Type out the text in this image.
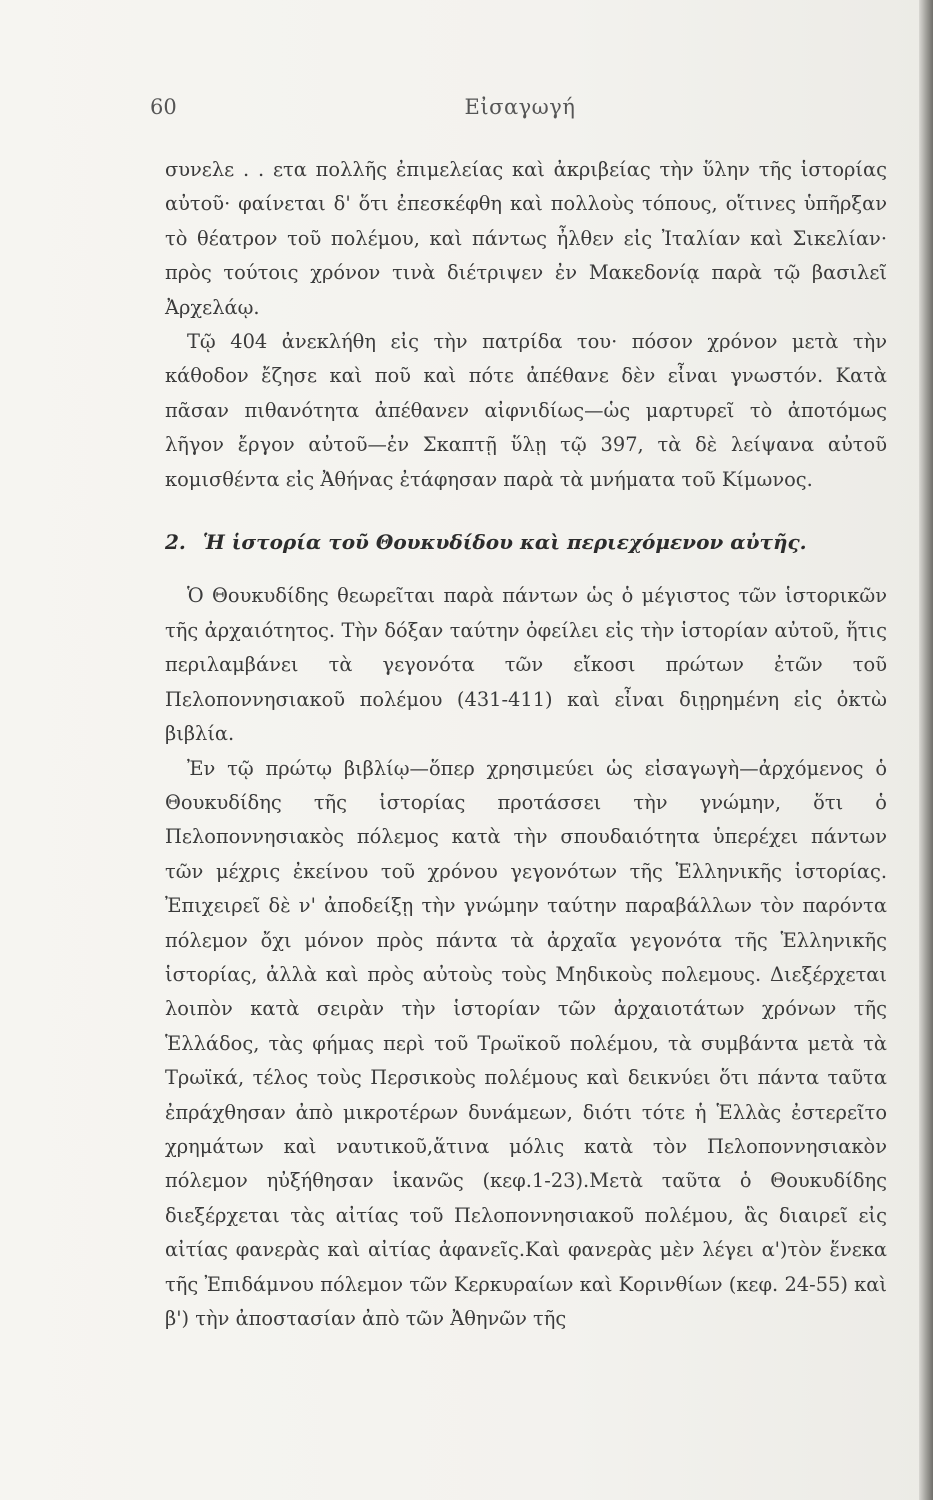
60	Εἰσαγωγή

συνελε . . ετα πολλῆς ἐπιμελείας καὶ ἀκριβείας τὴν ὕλην τῆς ἱστορίας αὐτοῦ· φαίνεται δ' ὅτι ἐπεσκέφθη καὶ πολλοὺς τόπους, οἵτινες ὑπῆρξαν τὸ θέατρον τοῦ πολέμου, καὶ πάντως ἦλθεν εἰς Ἰταλίαν καὶ Σικελίαν· πρὸς τούτοις χρόνον τινὰ διέτριψεν ἐν Μακεδονίᾳ παρὰ τῷ βασιλεῖ Ἀρχελάῳ.

Τῷ 404 ἀνεκλήθη εἰς τὴν πατρίδα του· πόσον χρόνον μετὰ τὴν κάθοδον ἔζησε καὶ ποῦ καὶ πότε ἀπέθανε δὲν εἶναι γνωστόν. Κατὰ πᾶσαν πιθανότητα ἀπέθανεν αἰφνιδίως—ὡς μαρτυρεῖ τὸ ἀποτόμως λῆγον ἔργον αὐτοῦ—ἐν Σκαπτῇ ὕλῃ τῷ 397, τὰ δὲ λείψανα αὐτοῦ κομισθέντα εἰς Ἀθήνας ἐτάφησαν παρὰ τὰ μνήματα τοῦ Κίμωνος.

2. Ἡ ἱστορία τοῦ Θουκυδίδου καὶ περιεχόμενον αὐτῆς.

Ὁ Θουκυδίδης θεωρεῖται παρὰ πάντων ὡς ὁ μέγιστος τῶν ἱστορικῶν τῆς ἀρχαιότητος. Τὴν δόξαν ταύτην ὀφείλει εἰς τὴν ἱστορίαν αὐτοῦ, ἥτις περιλαμβάνει τὰ γεγονότα τῶν εἴκοσι πρώτων ἐτῶν τοῦ Πελοποννησιακοῦ πολέμου (431-411) καὶ εἶναι διῃρημένη εἰς ὀκτὼ βιβλία.

Ἐν τῷ πρώτῳ βιβλίῳ—ὅπερ χρησιμεύει ὡς εἰσαγωγὴ—ἀρχόμενος ὁ Θουκυδίδης τῆς ἱστορίας προτάσσει τὴν γνώμην, ὅτι ὁ Πελοποννησιακὸς πόλεμος κατὰ τὴν σπουδαιότητα ὑπερέχει πάντων τῶν μέχρις ἐκείνου τοῦ χρόνου γεγονότων τῆς Ἑλληνικῆς ἱστορίας. Ἐπιχειρεῖ δὲ ν' ἀποδείξῃ τὴν γνώμην ταύτην παραβάλλων τὸν παρόντα πόλεμον ὄχι μόνον πρὸς πάντα τὰ ἀρχαῖα γεγονότα τῆς Ἑλληνικῆς ἱστορίας, ἀλλὰ καὶ πρὸς αὐτοὺς τοὺς Μηδικοὺς πολεμους. Διεξέρχεται λοιπὸν κατὰ σειρὰν τὴν ἱστορίαν τῶν ἀρχαιοτάτων χρόνων τῆς Ἑλλάδος, τὰς φήμας περὶ τοῦ Τρωϊκοῦ πολέμου, τὰ συμβάντα μετὰ τὰ Τρωϊκά, τέλος τοὺς Περσικοὺς πολέμους καὶ δεικνύει ὅτι πάντα ταῦτα ἐπράχθησαν ἀπὸ μικροτέρων δυνάμεων, διότι τότε ἡ Ἑλλὰς ἐστερεῖτο χρημάτων καὶ ναυτικοῦ,ἅτινα μόλις κατὰ τὸν Πελοποννησιακὸν πόλεμον ηὐξήθησαν ἱκανῶς (κεφ.1-23).Μετὰ ταῦτα ὁ Θουκυδίδης διεξέρχεται τὰς αἰτίας τοῦ Πελοποννησιακοῦ πολέμου, ἃς διαιρεῖ εἰς αἰτίας φανερὰς καὶ αἰτίας ἀφανεῖς.Καὶ φανερὰς μὲν λέγει α')τὸν ἕνεκα τῆς Ἐπιδάμνου πόλεμον τῶν Κερκυραίων καὶ Κορινθίων (κεφ. 24-55) καὶ β') τὴν ἀποστασίαν ἀπὸ τῶν Ἀθηνῶν τῆς
